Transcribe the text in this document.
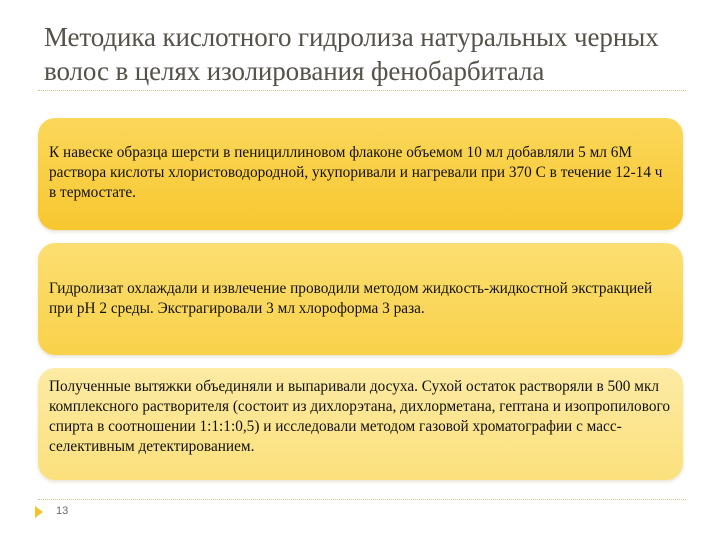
Методика кислотного гидролиза натуральных черных волос в целях изолирования фенобарбитала

К навеске образца шерсти в пенициллиновом флаконе объемом 10 мл добавляли 5 мл 6М раствора кислоты хлористоводородной, укупоривали и нагревали при 370 С в течение 12-14 ч в термостате.

Гидролизат охлаждали и извлечение проводили методом жидкость-жидкостной экстракцией при рН 2 среды. Экстрагировали 3 мл хлороформа 3 раза.

Полученные вытяжки объединяли и выпаривали досуха. Сухой остаток растворяли в 500 мкл комплексного растворителя (состоит из дихлорэтана, дихлорметана, гептана и изопропилового спирта в соотношении 1:1:1:0,5) и исследовали методом газовой хроматографии с масс-селективным детектированием.

13
